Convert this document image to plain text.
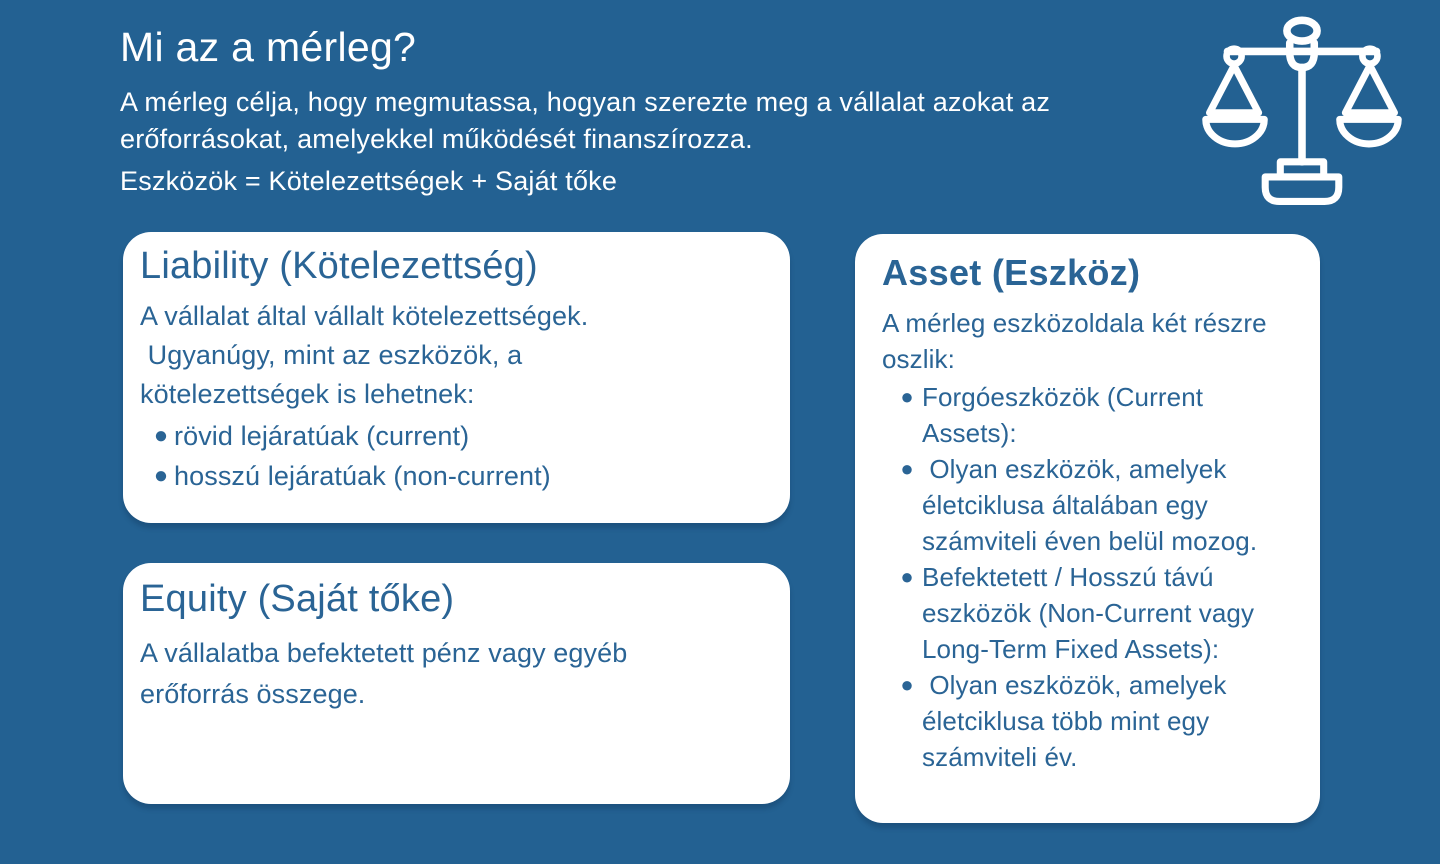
Mi az a mérleg?
A mérleg célja, hogy megmutassa, hogyan szerezte meg a vállalat azokat az
erőforrásokat, amelyekkel működését finanszírozza.
Eszközök = Kötelezettségek + Saját tőke
Liability (Kötelezettség)
A vállalat által vállalt kötelezettségek.
Ugyanúgy, mint az eszközök, a
kötelezettségek is lehetnek:
● rövid lejáratúak (current)
● hosszú lejáratúak (non-current)
Equity (Saját tőke)
A vállalatba befektetett pénz vagy egyéb
erőforrás összege.
Asset (Eszköz)
A mérleg eszközoldala két részre
oszlik:
● Forgóeszközök (Current Assets):
● Olyan eszközök, amelyek életciklusa általában egy számviteli éven belül mozog.
● Befektetett / Hosszú távú eszközök (Non-Current vagy Long-Term Fixed Assets):
● Olyan eszközök, amelyek életciklusa több mint egy számviteli év.
